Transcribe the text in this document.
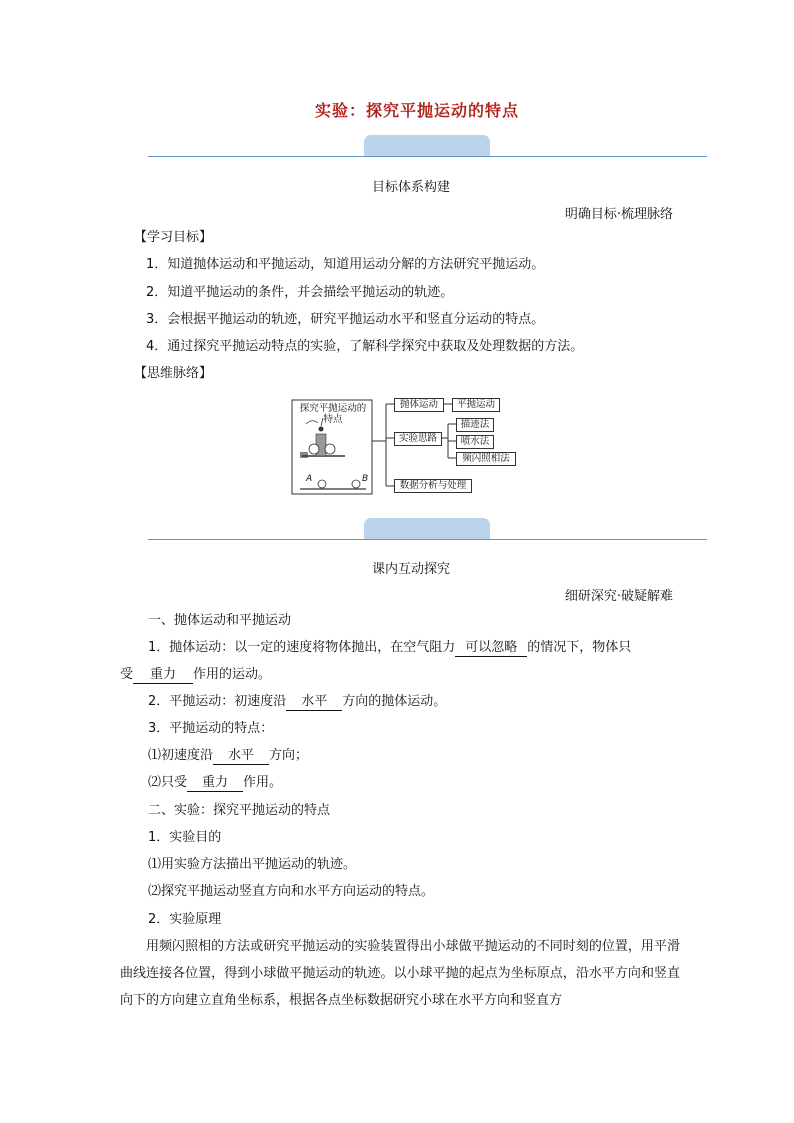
实验：探究平抛运动的特点
目标体系构建
明确目标·梳理脉络
【学习目标】
1．知道抛体运动和平抛运动，知道用运动分解的方法研究平抛运动。
2．知道平抛运动的条件，并会描绘平抛运动的轨迹。
3．会根据平抛运动的轨迹，研究平抛运动水平和竖直分运动的特点。
4．通过探究平抛运动特点的实验，了解科学探究中获取及处理数据的方法。
【思维脉络】
探究平抛运动的特点
A	B
抛体运动	平抛运动
实验思路
描迹法
喷水法
频闪照相法
数据分析与处理
课内互动探究
细研深究·破疑解难
一、抛体运动和平抛运动
1．抛体运动：以一定的速度将物体抛出，在空气阻力 可以忽略 的情况下，物体只
受 重力 作用的运动。
2．平抛运动：初速度沿 水平 方向的抛体运动。
3．平抛运动的特点：
⑴初速度沿 水平 方向；
⑵只受 重力 作用。
二、实验：探究平抛运动的特点
1．实验目的
⑴用实验方法描出平抛运动的轨迹。
⑵探究平抛运动竖直方向和水平方向运动的特点。
2．实验原理
用频闪照相的方法或研究平抛运动的实验装置得出小球做平抛运动的不同时刻的位置，用平滑曲线连接各位置，得到小球做平抛运动的轨迹。以小球平抛的起点为坐标原点，沿水平方向和竖直向下的方向建立直角坐标系，根据各点坐标数据研究小球在水平方向和竖直方
